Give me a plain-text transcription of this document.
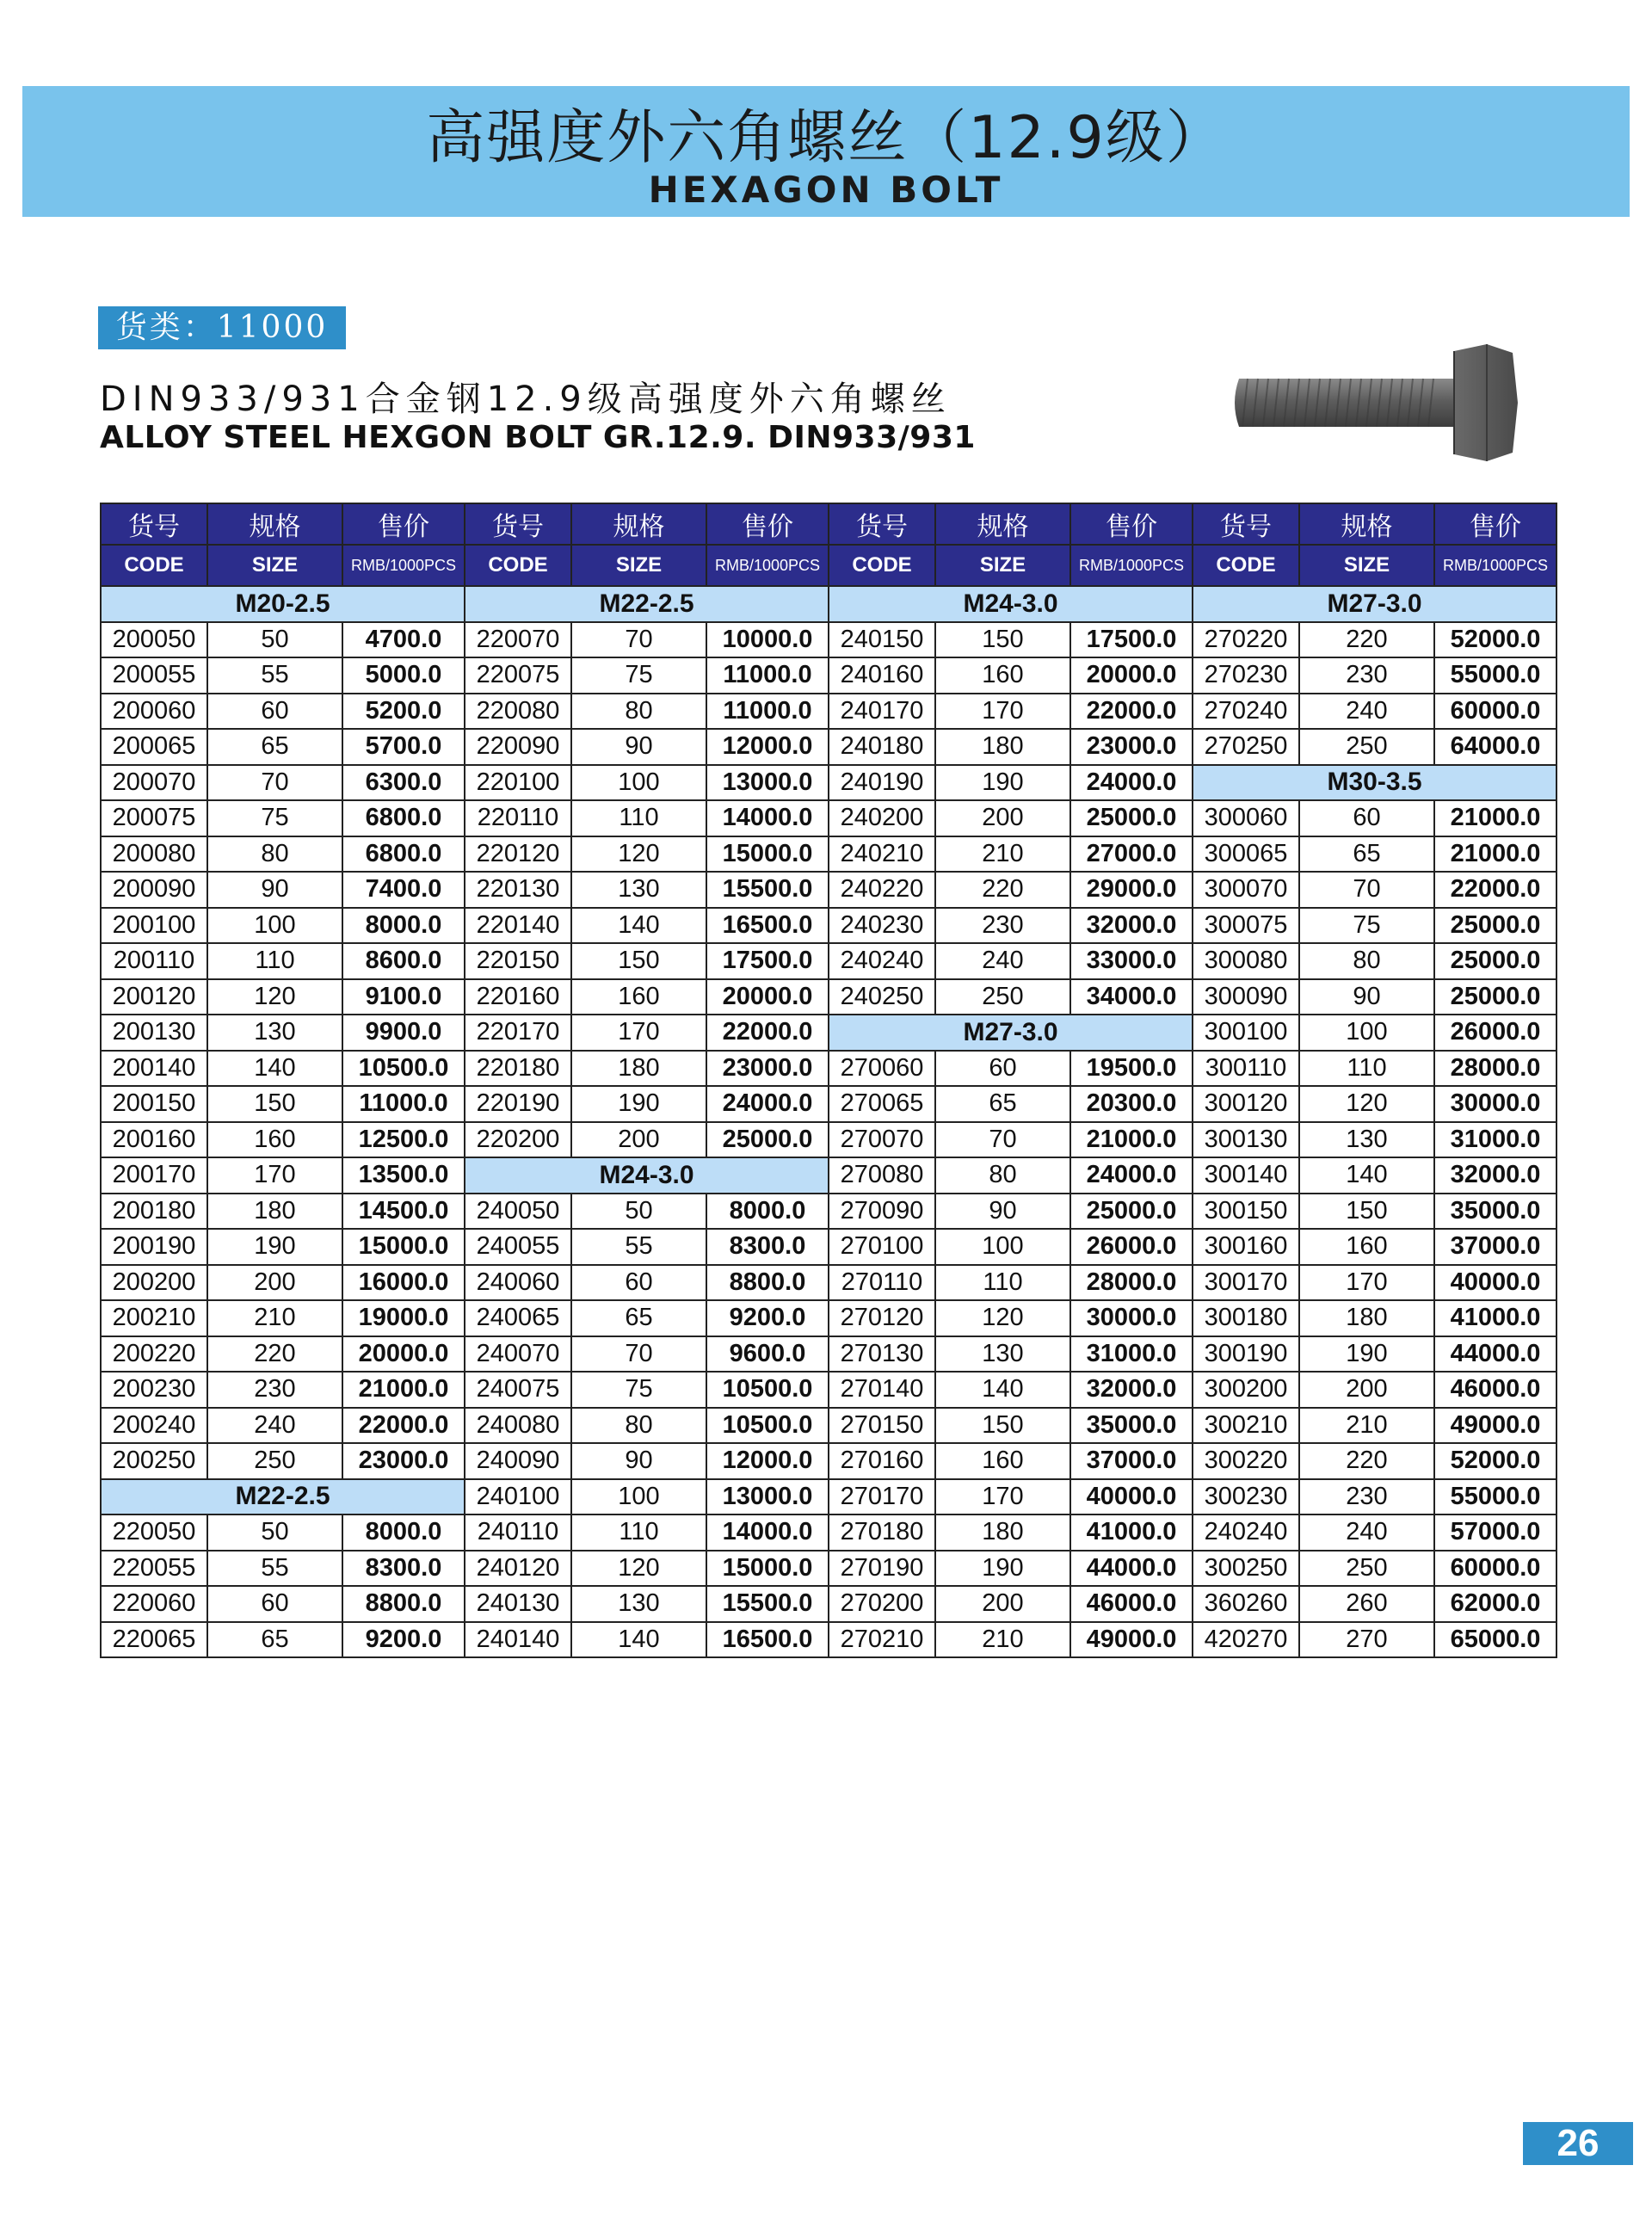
高强度外六角螺丝（12.9级）
HEXAGON BOLT
货类：11000
DIN933/931合金钢12.9级高强度外六角螺丝
ALLOY STEEL HEXGON BOLT GR.12.9. DIN933/931
货号	规格	售价	货号	规格	售价	货号	规格	售价	货号	规格	售价
CODE	SIZE	RMB/1000PCS	CODE	SIZE	RMB/1000PCS	CODE	SIZE	RMB/1000PCS	CODE	SIZE	RMB/1000PCS
M20-2.5			M22-2.5			M24-3.0			M27-3.0		
200050	50	4700.0	220070	70	10000.0	240150	150	17500.0	270220	220	52000.0
200055	55	5000.0	220075	75	11000.0	240160	160	20000.0	270230	230	55000.0
200060	60	5200.0	220080	80	11000.0	240170	170	22000.0	270240	240	60000.0
200065	65	5700.0	220090	90	12000.0	240180	180	23000.0	270250	250	64000.0
200070	70	6300.0	220100	100	13000.0	240190	190	24000.0	M30-3.5		
200075	75	6800.0	220110	110	14000.0	240200	200	25000.0	300060	60	21000.0
200080	80	6800.0	220120	120	15000.0	240210	210	27000.0	300065	65	21000.0
200090	90	7400.0	220130	130	15500.0	240220	220	29000.0	300070	70	22000.0
200100	100	8000.0	220140	140	16500.0	240230	230	32000.0	300075	75	25000.0
200110	110	8600.0	220150	150	17500.0	240240	240	33000.0	300080	80	25000.0
200120	120	9100.0	220160	160	20000.0	240250	250	34000.0	300090	90	25000.0
200130	130	9900.0	220170	170	22000.0	M27-3.0			300100	100	26000.0
200140	140	10500.0	220180	180	23000.0	270060	60	19500.0	300110	110	28000.0
200150	150	11000.0	220190	190	24000.0	270065	65	20300.0	300120	120	30000.0
200160	160	12500.0	220200	200	25000.0	270070	70	21000.0	300130	130	31000.0
200170	170	13500.0	M24-3.0			270080	80	24000.0	300140	140	32000.0
200180	180	14500.0	240050	50	8000.0	270090	90	25000.0	300150	150	35000.0
200190	190	15000.0	240055	55	8300.0	270100	100	26000.0	300160	160	37000.0
200200	200	16000.0	240060	60	8800.0	270110	110	28000.0	300170	170	40000.0
200210	210	19000.0	240065	65	9200.0	270120	120	30000.0	300180	180	41000.0
200220	220	20000.0	240070	70	9600.0	270130	130	31000.0	300190	190	44000.0
200230	230	21000.0	240075	75	10500.0	270140	140	32000.0	300200	200	46000.0
200240	240	22000.0	240080	80	10500.0	270150	150	35000.0	300210	210	49000.0
200250	250	23000.0	240090	90	12000.0	270160	160	37000.0	300220	220	52000.0
M22-2.5			240100	100	13000.0	270170	170	40000.0	300230	230	55000.0
220050	50	8000.0	240110	110	14000.0	270180	180	41000.0	240240	240	57000.0
220055	55	8300.0	240120	120	15000.0	270190	190	44000.0	300250	250	60000.0
220060	60	8800.0	240130	130	15500.0	270200	200	46000.0	360260	260	62000.0
220065	65	9200.0	240140	140	16500.0	270210	210	49000.0	420270	270	65000.0
26
